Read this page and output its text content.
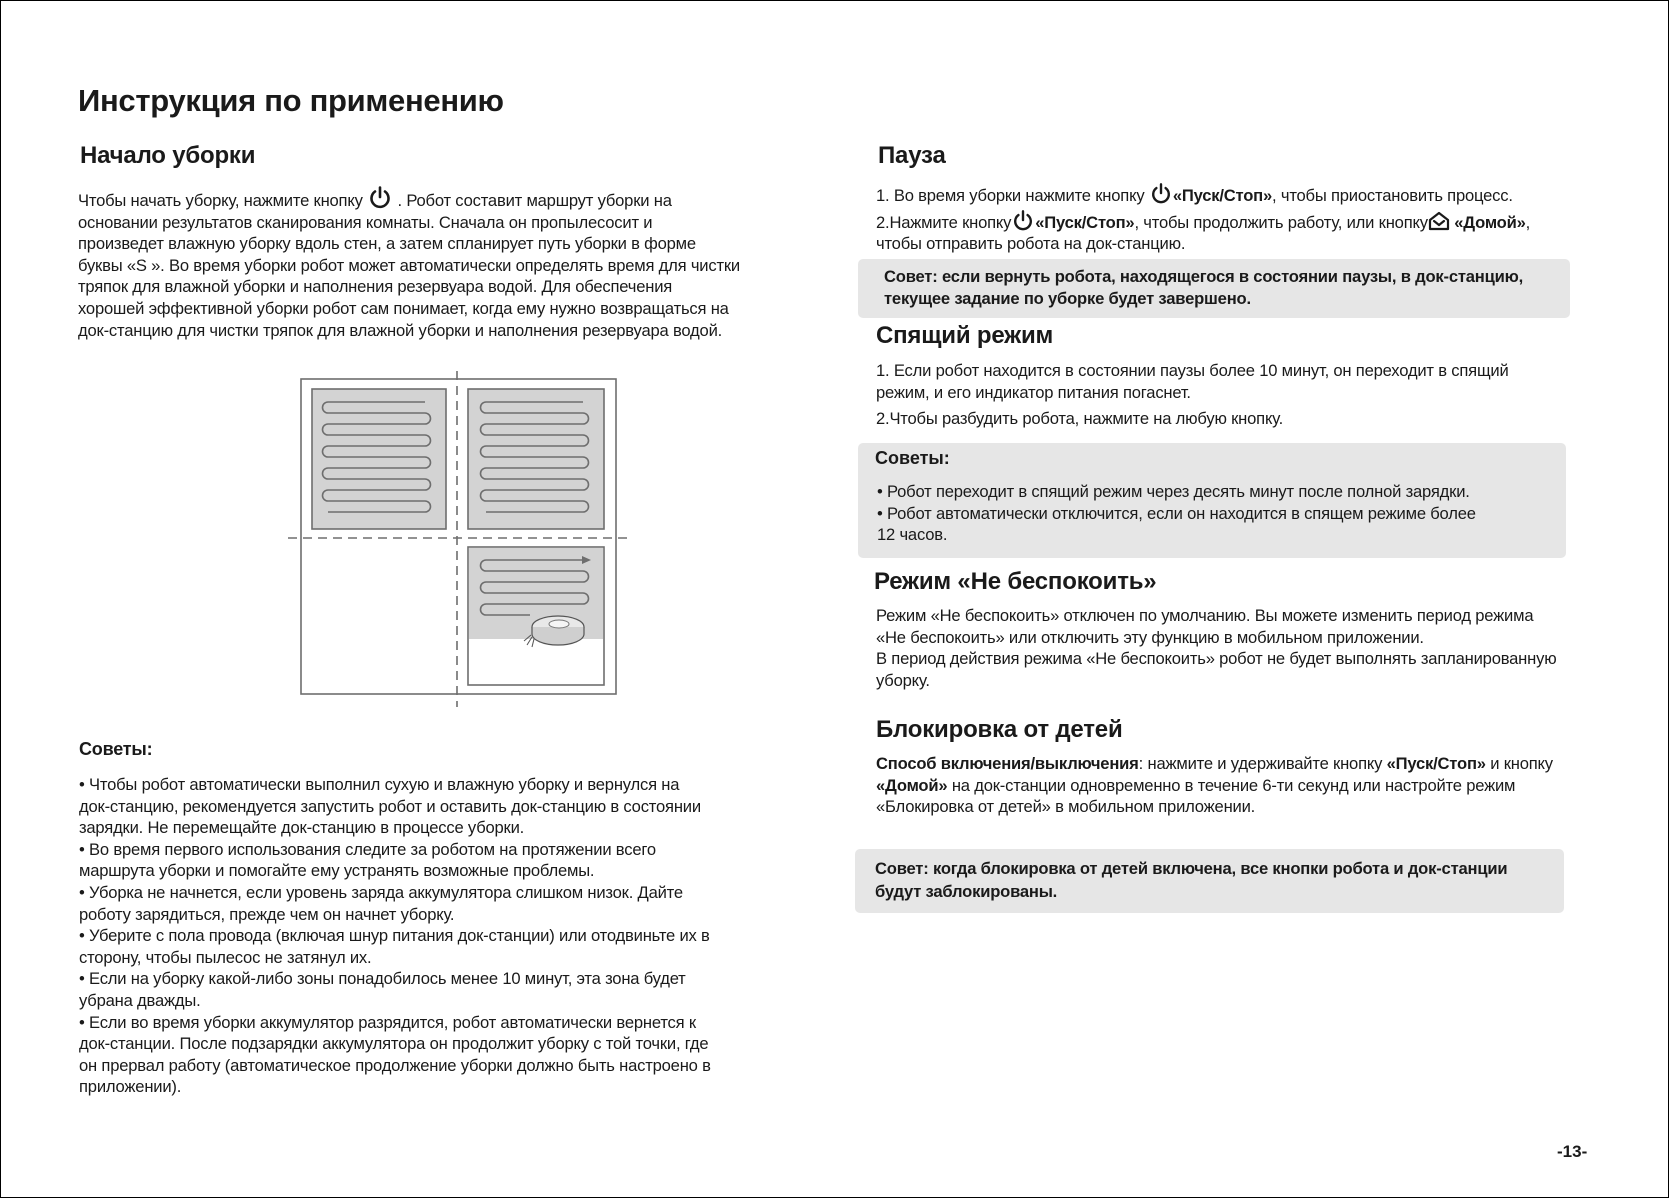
Инструкция по применению
Начало уборки
Чтобы начать уборку, нажмите кнопку . Робот составит маршрут уборки на
основании результатов сканирования комнаты. Сначала он пропылесосит и
произведет влажную уборку вдоль стен, а затем спланирует путь уборки в форме
буквы «S ». Во время уборки робот может автоматически определять время для чистки
тряпок для влажной уборки и наполнения резервуара водой. Для обеспечения
хорошей эффективной уборки робот сам понимает, когда ему нужно возвращаться на
док-станцию для чистки тряпок для влажной уборки и наполнения резервуара водой.
Советы:
• Чтобы робот автоматически выполнил сухую и влажную уборку и вернулся на
док-станцию, рекомендуется запустить робот и оставить док-станцию в состоянии
зарядки. Не перемещайте док-станцию в процессе уборки.
• Во время первого использования следите за роботом на протяжении всего
маршрута уборки и помогайте ему устранять возможные проблемы.
• Уборка не начнется, если уровень заряда аккумулятора слишком низок. Дайте
роботу зарядиться, прежде чем он начнет уборку.
• Уберите с пола провода (включая шнур питания док-станции) или отодвиньте их в
сторону, чтобы пылесос не затянул их.
• Если на уборку какой-либо зоны понадобилось менее 10 минут, эта зона будет
убрана дважды.
• Если во время уборки аккумулятор разрядится, робот автоматически вернется к
док-станции. После подзарядки аккумулятора он продолжит уборку с той точки, где
он прервал работу (автоматическое продолжение уборки должно быть настроено в
приложении).
Пауза
1. Во время уборки нажмите кнопку «Пуск/Стоп», чтобы приостановить процесс.
2.Нажмите кнопку «Пуск/Стоп», чтобы продолжить работу, или кнопку «Домой»,
чтобы отправить робота на док-станцию.
Совет: если вернуть робота, находящегося в состоянии паузы, в док-станцию,
текущее задание по уборке будет завершено.
Спящий режим
1. Если робот находится в состоянии паузы более 10 минут, он переходит в спящий
режим, и его индикатор питания погаснет.
2.Чтобы разбудить робота, нажмите на любую кнопку.
Советы:
• Робот переходит в спящий режим через десять минут после полной зарядки.
• Робот автоматически отключится, если он находится в спящем режиме более
12 часов.
Режим «Не беспокоить»
Режим «Не беспокоить» отключен по умолчанию. Вы можете изменить период режима
«Не беспокоить» или отключить эту функцию в мобильном приложении.
В период действия режима «Не беспокоить» робот не будет выполнять запланированную
уборку.
Блокировка от детей
Способ включения/выключения: нажмите и удерживайте кнопку «Пуск/Стоп» и кнопку
«Домой» на док-станции одновременно в течение 6-ти секунд или настройте режим
«Блокировка от детей» в мобильном приложении.
Совет: когда блокировка от детей включена, все кнопки робота и док-станции
будут заблокированы.
-13-
